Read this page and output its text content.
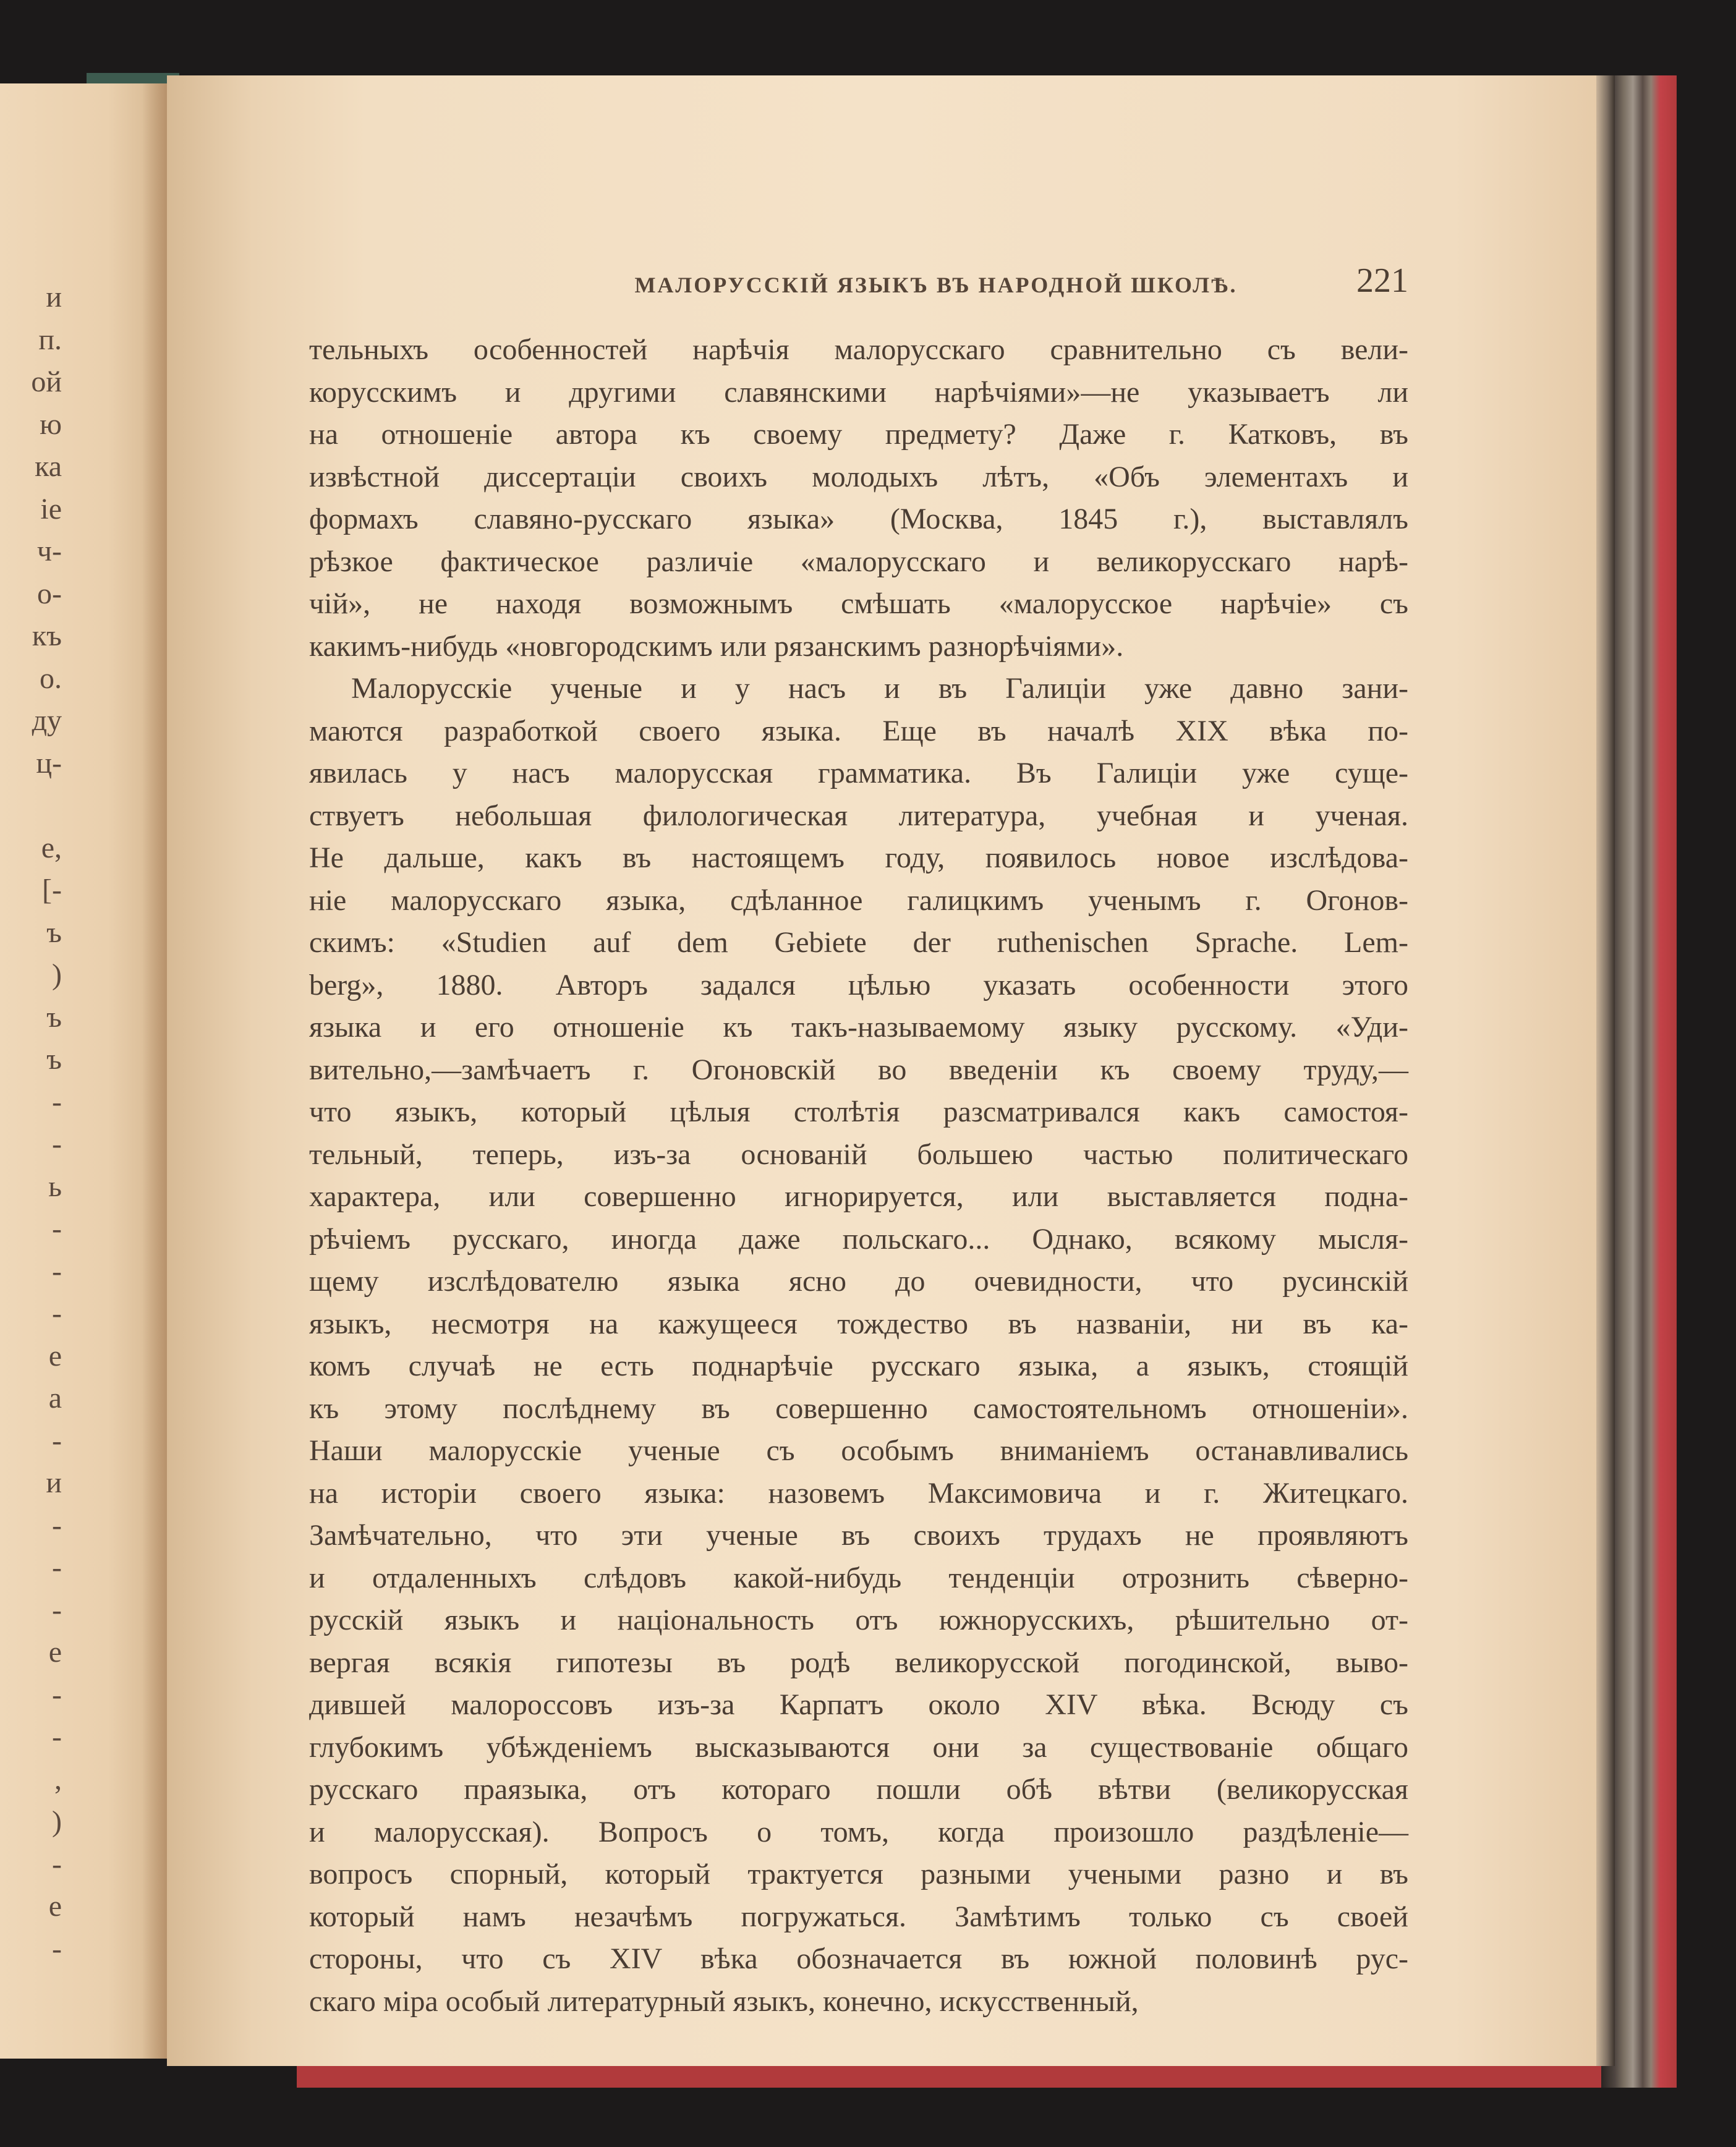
и
п.
ой
ю
ка
іе
ч-
о-
къ
о.
ду
ц-
е,
[-
ъ
)
ъ
ъ
-
-
ь
-
-
-
е
а
-
и
-
-
-
е
-
-
,
)
-
е
-
МАЛОРУССКІЙ ЯЗЫКЪ ВЪ НАРОДНОЙ ШКОЛѢ.	221
тельныхъ особенностей нарѣчія малорусскаго сравнительно съ вели-
корусскимъ и другими славянскими нарѣчіями»—не указываетъ ли
на отношеніе автора къ своему предмету? Даже г. Катковъ, въ
извѣстной диссертаціи своихъ молодыхъ лѣтъ, «Объ элементахъ и
формахъ славяно-русскаго языка» (Москва, 1845 г.), выставлялъ
рѣзкое фактическое различіе «малорусскаго и великорусскаго нарѣ-
чій», не находя возможнымъ смѣшать «малорусское нарѣчіе» съ
какимъ-нибудь «новгородскимъ или рязанскимъ разнорѣчіями».
Малорусскіе ученые и у насъ и въ Галиціи уже давно зани-
маются разработкой своего языка. Еще въ началѣ XIX вѣка по-
явилась у насъ малорусская грамматика. Въ Галиціи уже суще-
ствуетъ небольшая филологическая литература, учебная и ученая.
Не дальше, какъ въ настоящемъ году, появилось новое изслѣдова-
ніе малорусскаго языка, сдѣланное галицкимъ ученымъ г. Огонов-
скимъ: «Studien auf dem Gebiete der ruthenischen Sprache. Lem-
berg», 1880. Авторъ задался цѣлью указать особенности этого
языка и его отношеніе къ такъ-называемому языку русскому. «Уди-
вительно,—замѣчаетъ г. Огоновскій во введеніи къ своему труду,—
что языкъ, который цѣлыя столѣтія разсматривался какъ самостоя-
тельный, теперь, изъ-за основаній большею частью политическаго
характера, или совершенно игнорируется, или выставляется подна-
рѣчіемъ русскаго, иногда даже польскаго... Однако, всякому мысля-
щему изслѣдователю языка ясно до очевидности, что русинскій
языкъ, несмотря на кажущееся тождество въ названіи, ни въ ка-
комъ случаѣ не есть поднарѣчіе русскаго языка, а языкъ, стоящій
къ этому послѣднему въ совершенно самостоятельномъ отношеніи».
Наши малорусскіе ученые съ особымъ вниманіемъ останавливались
на исторіи своего языка: назовемъ Максимовича и г. Житецкаго.
Замѣчательно, что эти ученые въ своихъ трудахъ не проявляютъ
и отдаленныхъ слѣдовъ какой-нибудь тенденціи отрознить сѣверно-
русскій языкъ и національность отъ южнорусскихъ, рѣшительно от-
вергая всякія гипотезы въ родѣ великорусской погодинской, выво-
дившей малороссовъ изъ-за Карпатъ около XIV вѣка. Всюду съ
глубокимъ убѣжденіемъ высказываются они за существованіе общаго
русскаго праязыка, отъ котораго пошли обѣ вѣтви (великорусская
и малорусская). Вопросъ о томъ, когда произошло раздѣленіе—
вопросъ спорный, который трактуется разными учеными разно и въ
который намъ незачѣмъ погружаться. Замѣтимъ только съ своей
стороны, что съ XIV вѣка обозначается въ южной половинѣ рус-
скаго міра особый литературный языкъ, конечно, искусственный,
